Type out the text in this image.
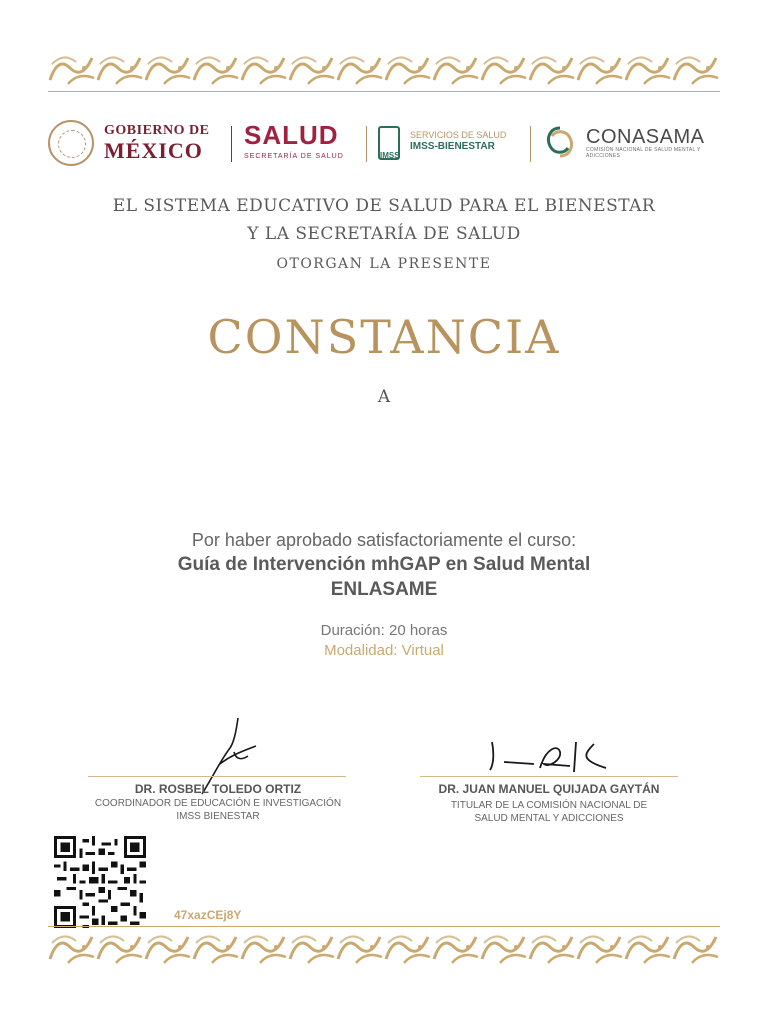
GOBIERNO DE
MÉXICO
SALUD
SECRETARÍA DE SALUD	IMSS
SERVICIOS DE SALUD
IMSS-BIENESTAR	CONASAMA
COMISIÓN NACIONAL DE SALUD MENTAL Y ADICCIONES
EL SISTEMA EDUCATIVO DE SALUD PARA EL BIENESTAR
Y LA SECRETARÍA DE SALUD
OTORGAN LA PRESENTE
CONSTANCIA
A
Por haber aprobado satisfactoriamente el curso:
Guía de Intervención mhGAP en Salud Mental
ENLASAME
Duración: 20 horas
Modalidad: Virtual
DR. ROSBEL TOLEDO ORTIZ
COORDINADOR DE EDUCACIÓN E INVESTIGACIÓN
IMSS BIENESTAR
DR. JUAN MANUEL QUIJADA GAYTÁN
TITULAR DE LA COMISIÓN NACIONAL DE
SALUD MENTAL Y ADICCIONES
47xazCEj8Y
